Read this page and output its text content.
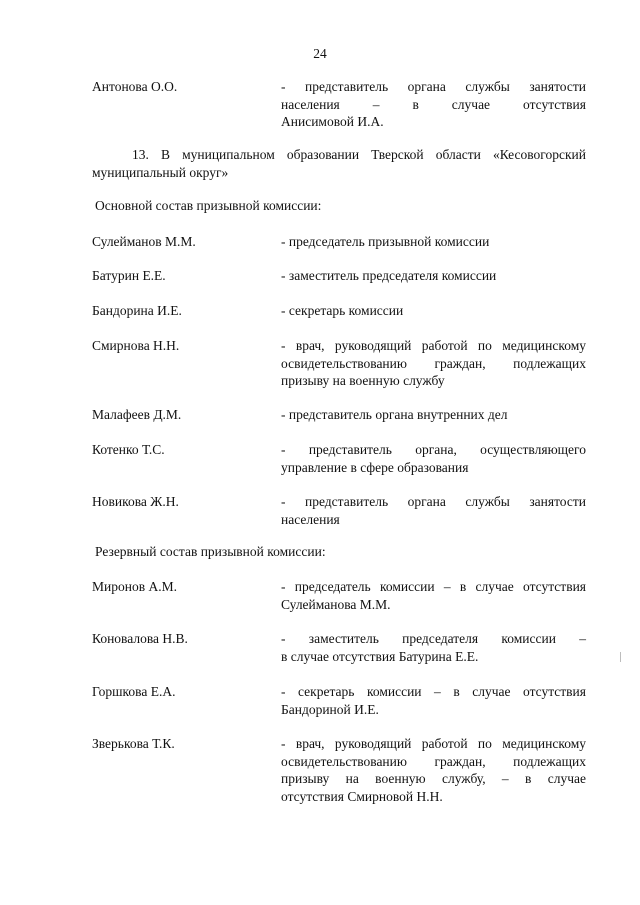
24
Антонова О.О.	- представитель органа службы занятости
населения – в случае отсутствия
Анисимовой И.А.
13. В муниципальном образовании Тверской области «Кесовогорский
муниципальный округ»
Основной состав призывной комиссии:
Сулейманов М.М.	- председатель призывной комиссии
Батурин Е.Е.	- заместитель председателя комиссии
Бандорина И.Е.	- секретарь комиссии
Смирнова Н.Н.	- врач, руководящий работой по медицинскому
освидетельствованию граждан, подлежащих
призыву на военную службу
Малафеев Д.М.	- представитель органа внутренних дел
Котенко Т.С.	- представитель органа, осуществляющего
управление в сфере образования
Новикова Ж.Н.	- представитель органа службы занятости
населения
Резервный состав призывной комиссии:
Миронов А.М.	- председатель комиссии – в случае отсутствия
Сулейманова М.М.
Коновалова Н.В.	- заместитель председателя комиссии –
в случае отсутствия Батурина Е.Е.
Горшкова Е.А.	- секретарь комиссии – в случае отсутствия
Бандориной И.Е.
Зверькова Т.К.	- врач, руководящий работой по медицинскому
освидетельствованию граждан, подлежащих
призыву на военную службу, – в случае
отсутствия Смирновой Н.Н.
